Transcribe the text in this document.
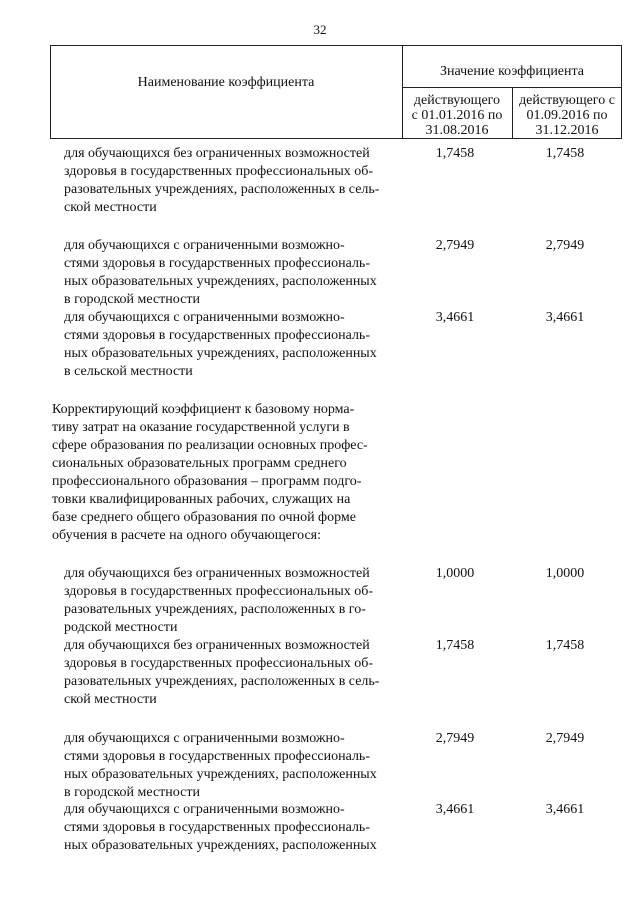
32
Наименование коэффициента
Значение коэффициента
действующего
с 01.01.2016 по
31.08.2016
действующего с
01.09.2016 по
31.12.2016
для обучающихся без ограниченных возможностей
здоровья в государственных профессиональных об-
разовательных учреждениях, расположенных в сель-
ской местности
1,7458	1,7458
для обучающихся с ограниченными возможно-
стями здоровья в государственных профессиональ-
ных образовательных учреждениях, расположенных
в городской местности
2,7949	2,7949
для обучающихся с ограниченными возможно-
стями здоровья в государственных профессиональ-
ных образовательных учреждениях, расположенных
в сельской местности
3,4661	3,4661
Корректирующий коэффициент к базовому норма-
тиву затрат на оказание государственной услуги в
сфере образования по реализации основных профес-
сиональных образовательных программ среднего
профессионального образования – программ подго-
товки квалифицированных рабочих, служащих на
базе среднего общего образования по очной форме
обучения в расчете на одного обучающегося:
для обучающихся без ограниченных возможностей
здоровья в государственных профессиональных об-
разовательных учреждениях, расположенных в го-
родской местности
1,0000	1,0000
для обучающихся без ограниченных возможностей
здоровья в государственных профессиональных об-
разовательных учреждениях, расположенных в сель-
ской местности
1,7458	1,7458
для обучающихся с ограниченными возможно-
стями здоровья в государственных профессиональ-
ных образовательных учреждениях, расположенных
в городской местности
2,7949	2,7949
для обучающихся с ограниченными возможно-
стями здоровья в государственных профессиональ-
ных образовательных учреждениях, расположенных
3,4661	3,4661
